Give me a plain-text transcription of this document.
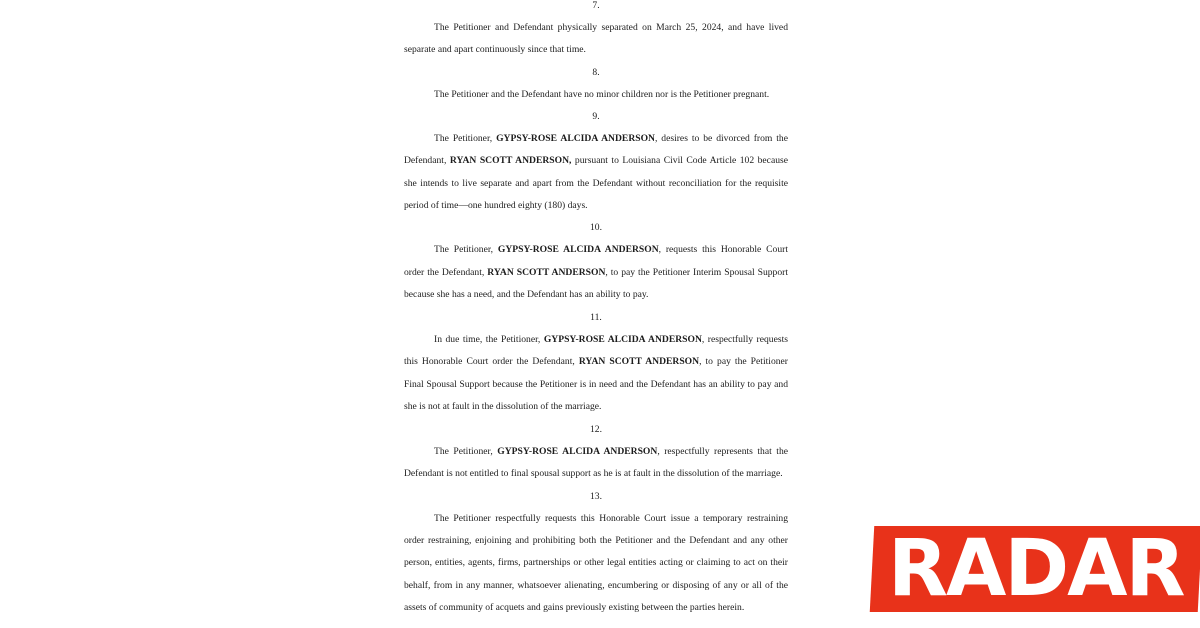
7.
The Petitioner and Defendant physically separated on March 25, 2024, and have lived
separate and apart continuously since that time.
8.
The Petitioner and the Defendant have no minor children nor is the Petitioner pregnant.
9.
The Petitioner, GYPSY-ROSE ALCIDA ANDERSON, desires to be divorced from the
Defendant, RYAN SCOTT ANDERSON, pursuant to Louisiana Civil Code Article 102 because
she intends to live separate and apart from the Defendant without reconciliation for the requisite
period of time—one hundred eighty (180) days.
10.
The Petitioner, GYPSY-ROSE ALCIDA ANDERSON, requests this Honorable Court
order the Defendant, RYAN SCOTT ANDERSON, to pay the Petitioner Interim Spousal Support
because she has a need, and the Defendant has an ability to pay.
11.
In due time, the Petitioner, GYPSY-ROSE ALCIDA ANDERSON, respectfully requests
this Honorable Court order the Defendant, RYAN SCOTT ANDERSON, to pay the Petitioner
Final Spousal Support because the Petitioner is in need and the Defendant has an ability to pay and
she is not at fault in the dissolution of the marriage.
12.
The Petitioner, GYPSY-ROSE ALCIDA ANDERSON, respectfully represents that the
Defendant is not entitled to final spousal support as he is at fault in the dissolution of the marriage.
13.
The Petitioner respectfully requests this Honorable Court issue a temporary restraining
order restraining, enjoining and prohibiting both the Petitioner and the Defendant and any other
person, entities, agents, firms, partnerships or other legal entities acting or claiming to act on their
behalf, from in any manner, whatsoever alienating, encumbering or disposing of any or all of the
assets of community of acquets and gains previously existing between the parties herein.	RADAR
